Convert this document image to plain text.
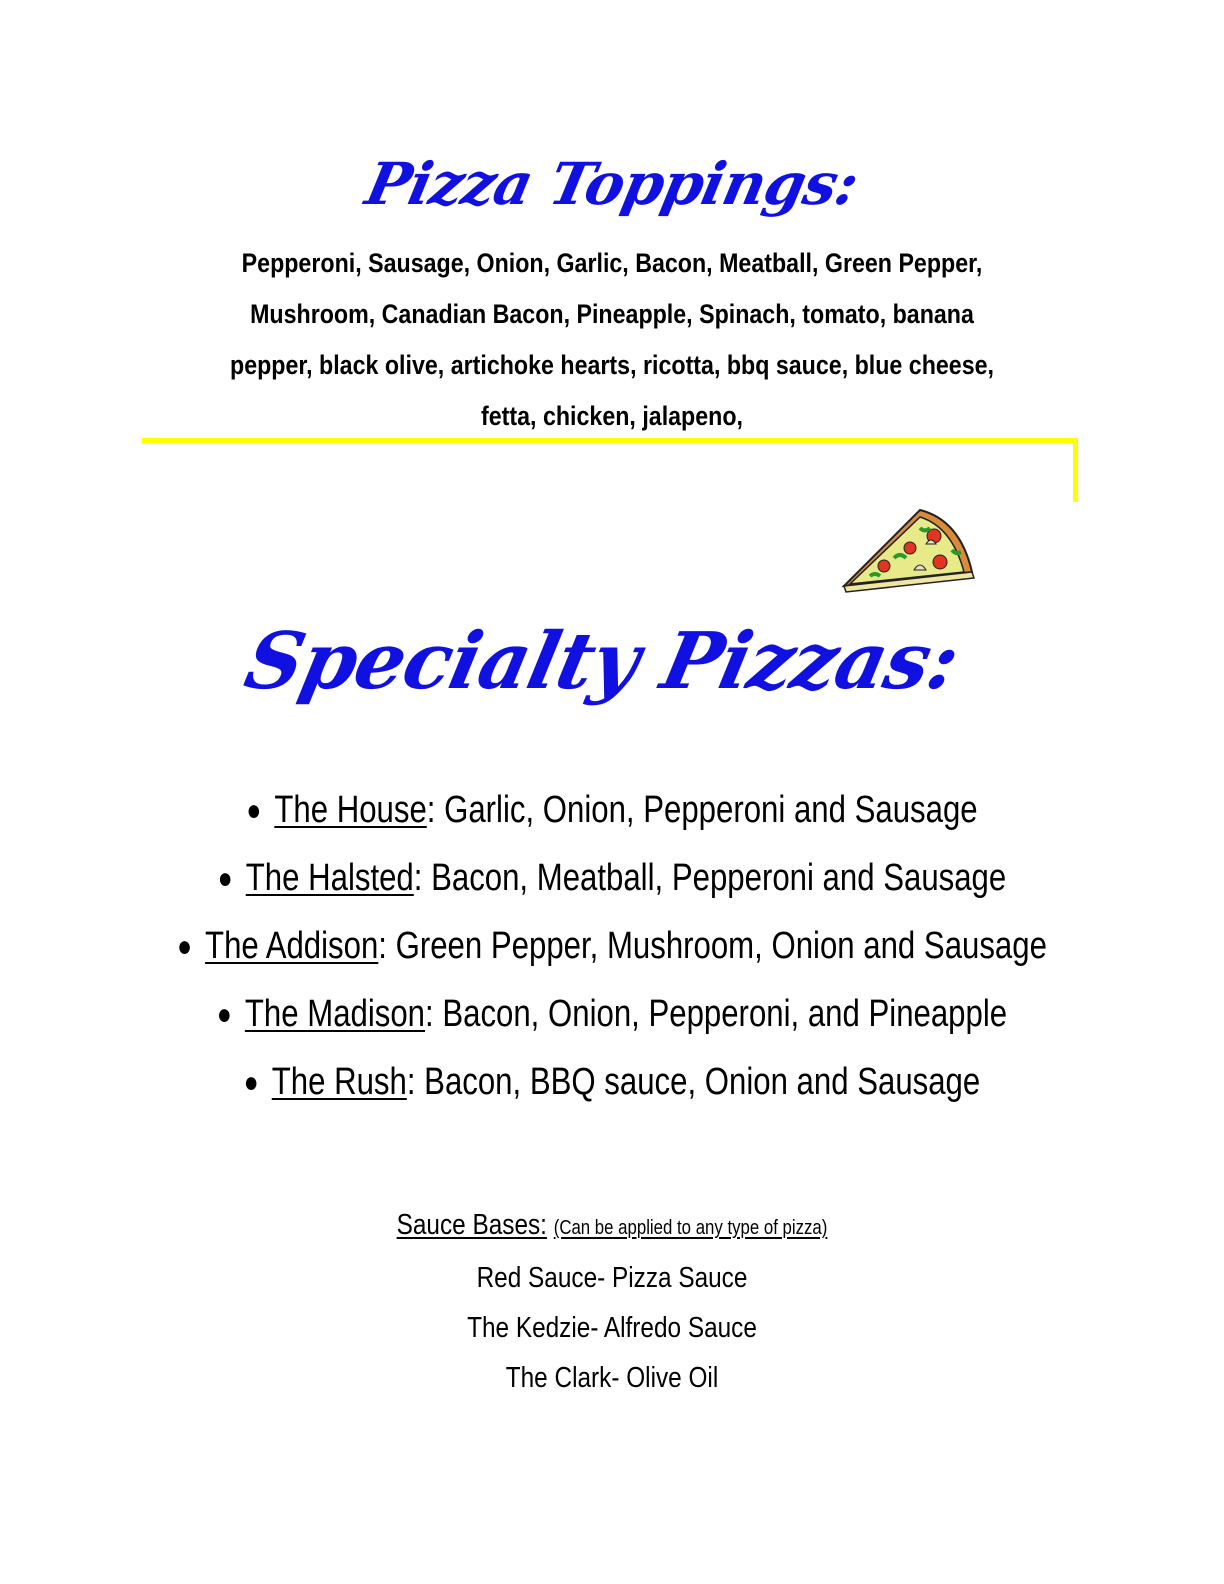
Pizza Toppings:
Pepperoni, Sausage, Onion, Garlic, Bacon, Meatball, Green Pepper, Mushroom, Canadian Bacon, Pineapple, Spinach, tomato, banana pepper, black olive, artichoke hearts, ricotta, bbq sauce, blue cheese, fetta, chicken, jalapeno,
Specialty Pizzas:
● The House: Garlic, Onion, Pepperoni and Sausage
● The Halsted: Bacon, Meatball, Pepperoni and Sausage
● The Addison: Green Pepper, Mushroom, Onion and Sausage
● The Madison: Bacon, Onion, Pepperoni, and Pineapple
● The Rush: Bacon, BBQ sauce, Onion and Sausage
Sauce Bases: (Can be applied to any type of pizza)
Red Sauce- Pizza Sauce
The Kedzie- Alfredo Sauce
The Clark- Olive Oil
